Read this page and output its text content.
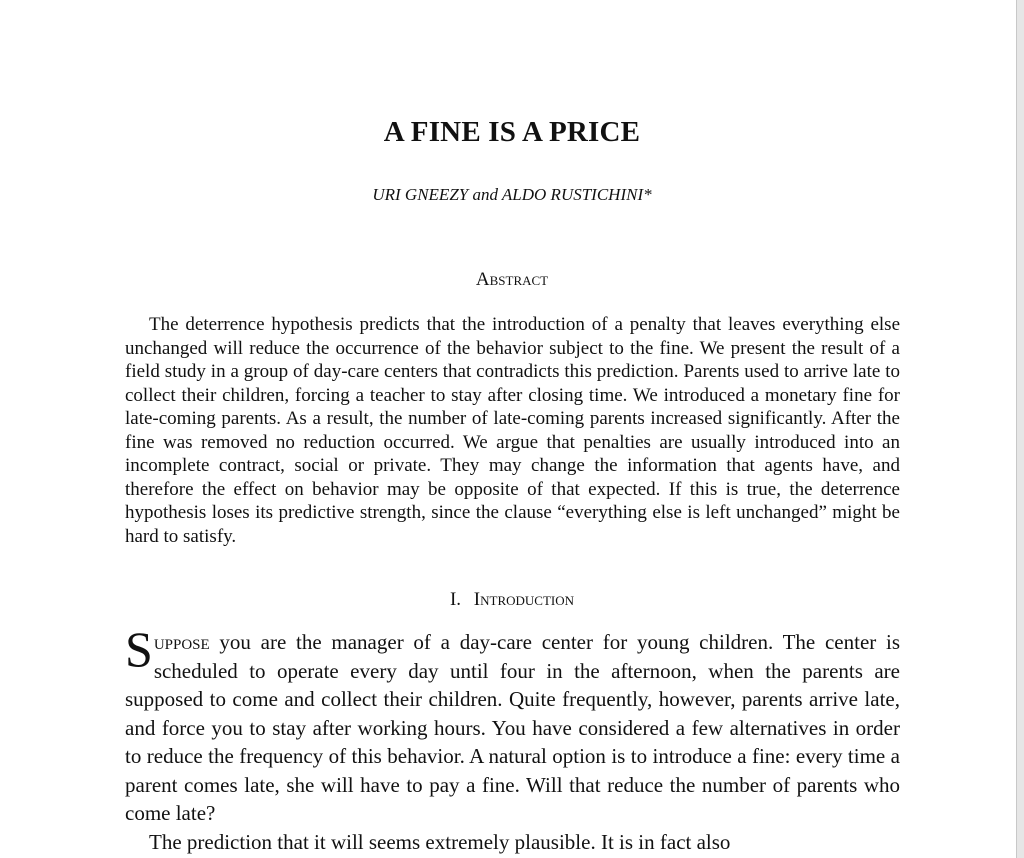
A FINE IS A PRICE
URI GNEEZY and ALDO RUSTICHINI*
Abstract

The deterrence hypothesis predicts that the introduction of a penalty that leaves everything else unchanged will reduce the occurrence of the behavior subject to the fine. We present the result of a field study in a group of day-care centers that contradicts this prediction. Parents used to arrive late to collect their children, forcing a teacher to stay after closing time. We introduced a monetary fine for late-coming parents. As a result, the number of late-coming parents increased significantly. After the fine was removed no reduction occurred. We argue that penalties are usually introduced into an incomplete contract, social or private. They may change the information that agents have, and therefore the effect on behavior may be opposite of that expected. If this is true, the deterrence hypothesis loses its predictive strength, since the clause “everything else is left unchanged” might be hard to satisfy.

I. Introduction

Suppose you are the manager of a day-care center for young children. The center is scheduled to operate every day until four in the afternoon, when the parents are supposed to come and collect their children. Quite frequently, however, parents arrive late, and force you to stay after working hours. You have considered a few alternatives in order to reduce the frequency of this behavior. A natural option is to introduce a fine: every time a parent comes late, she will have to pay a fine. Will that reduce the number of parents who come late?

The prediction that it will seems extremely plausible. It is in fact also
